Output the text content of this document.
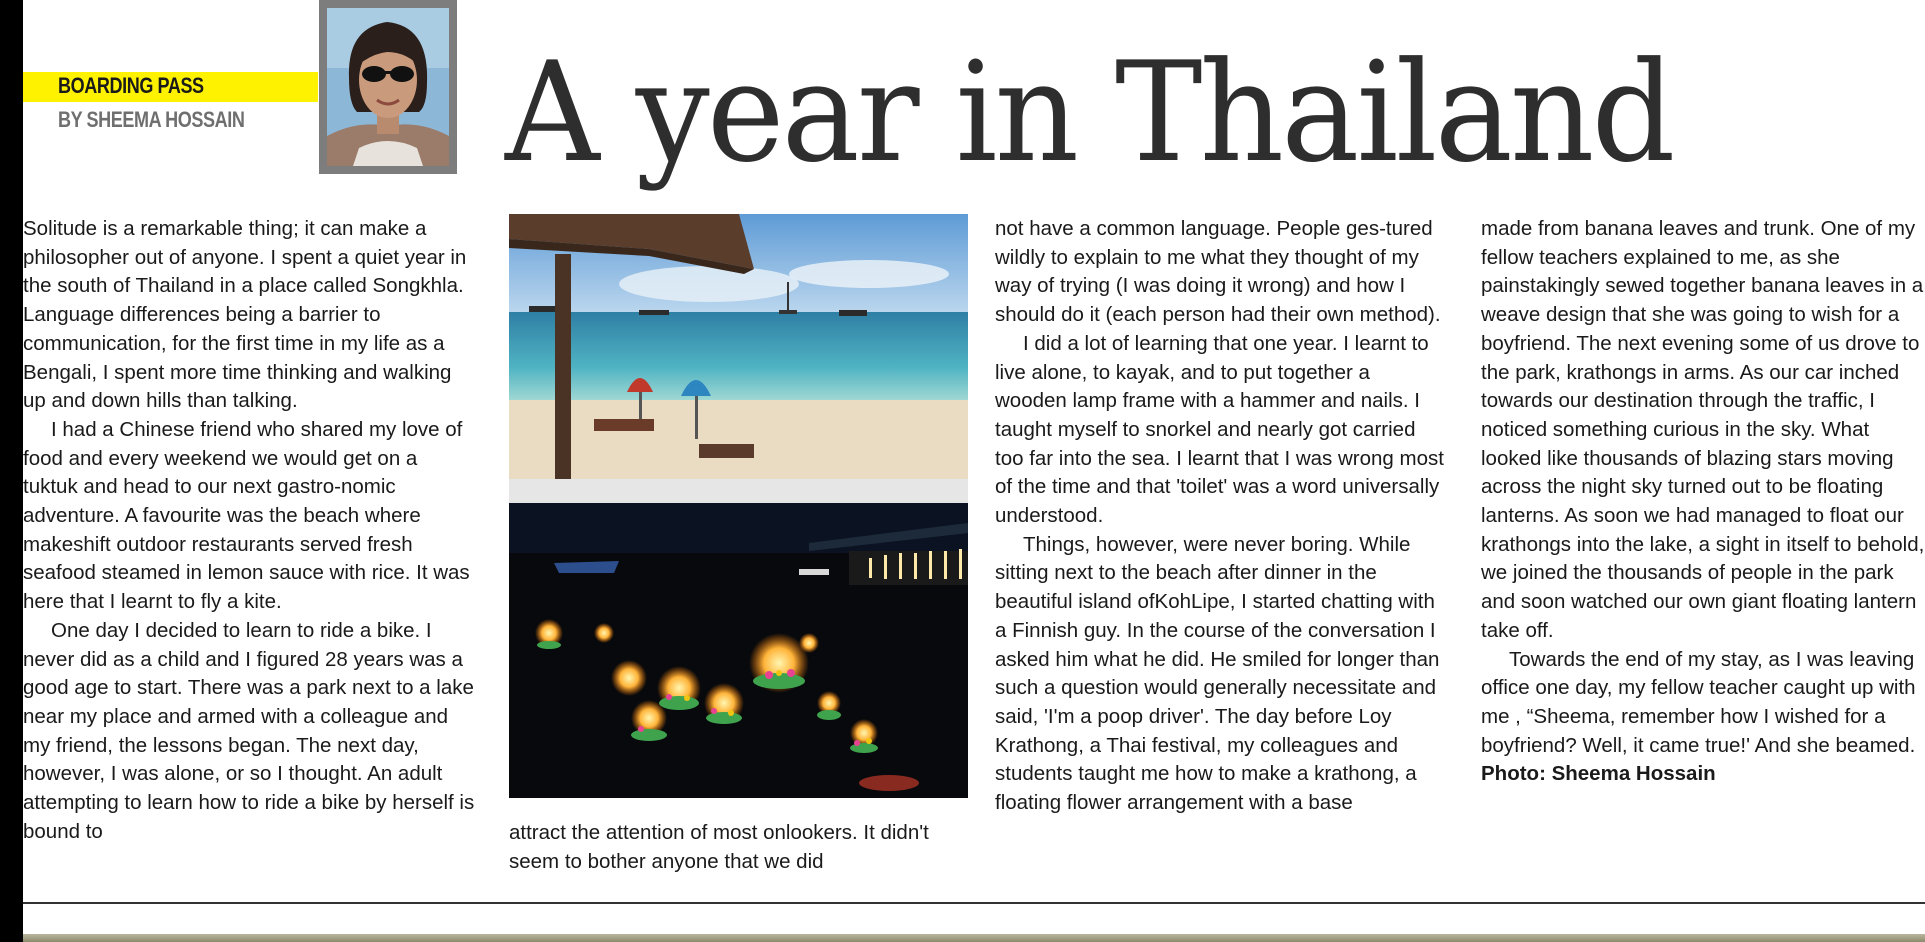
BOARDING PASS
BY SHEEMA HOSSAIN A year in Thailand

Solitude is a remarkable thing; it can make a philosopher out of anyone. I spent a quiet year in the south of Thailand in a place called Songkhla. Language differences being a barrier to communication, for the first time in my life as a Bengali, I spent more time thinking and walking up and down hills than talking.

I had a Chinese friend who shared my love of food and every weekend we would get on a tuktuk and head to our next gastro-nomic adventure. A favourite was the beach where makeshift outdoor restaurants served fresh seafood steamed in lemon sauce with rice. It was here that I learnt to fly a kite.

One day I decided to learn to ride a bike. I never did as a child and I figured 28 years was a good age to start. There was a park next to a lake near my place and armed with a colleague and my friend, the lessons began. The next day, however, I was alone, or so I thought. An adult attempting to learn how to ride a bike by herself is bound to	attract the attention of most onlookers. It didn't seem to bother anyone that we did

not have a common language. People ges-tured wildly to explain to me what they thought of my way of trying (I was doing it wrong) and how I should do it (each person had their own method).

I did a lot of learning that one year. I learnt to live alone, to kayak, and to put together a wooden lamp frame with a hammer and nails. I taught myself to snorkel and nearly got carried too far into the sea. I learnt that I was wrong most of the time and that 'toilet' was a word universally understood.

Things, however, were never boring. While sitting next to the beach after dinner in the beautiful island ofKohLipe, I started chatting with a Finnish guy. In the course of the conversation I asked him what he did. He smiled for longer than such a question would generally necessitate and said, 'I'm a poop driver'. The day before Loy Krathong, a Thai festival, my colleagues and students taught me how to make a krathong, a floating flower arrangement with a base

made from banana leaves and trunk. One of my fellow teachers explained to me, as she painstakingly sewed together banana leaves in a weave design that she was going to wish for a boyfriend. The next evening some of us drove to the park, krathongs in arms. As our car inched towards our destination through the traffic, I noticed something curious in the sky. What looked like thousands of blazing stars moving across the night sky turned out to be floating lanterns. As soon we had managed to float our krathongs into the lake, a sight in itself to behold, we joined the thousands of people in the park and soon watched our own giant floating lantern take off.

Towards the end of my stay, as I was leaving office one day, my fellow teacher caught up with me , “Sheema, remember how I wished for a boyfriend? Well, it came true!' And she beamed.

Photo: Sheema Hossain
